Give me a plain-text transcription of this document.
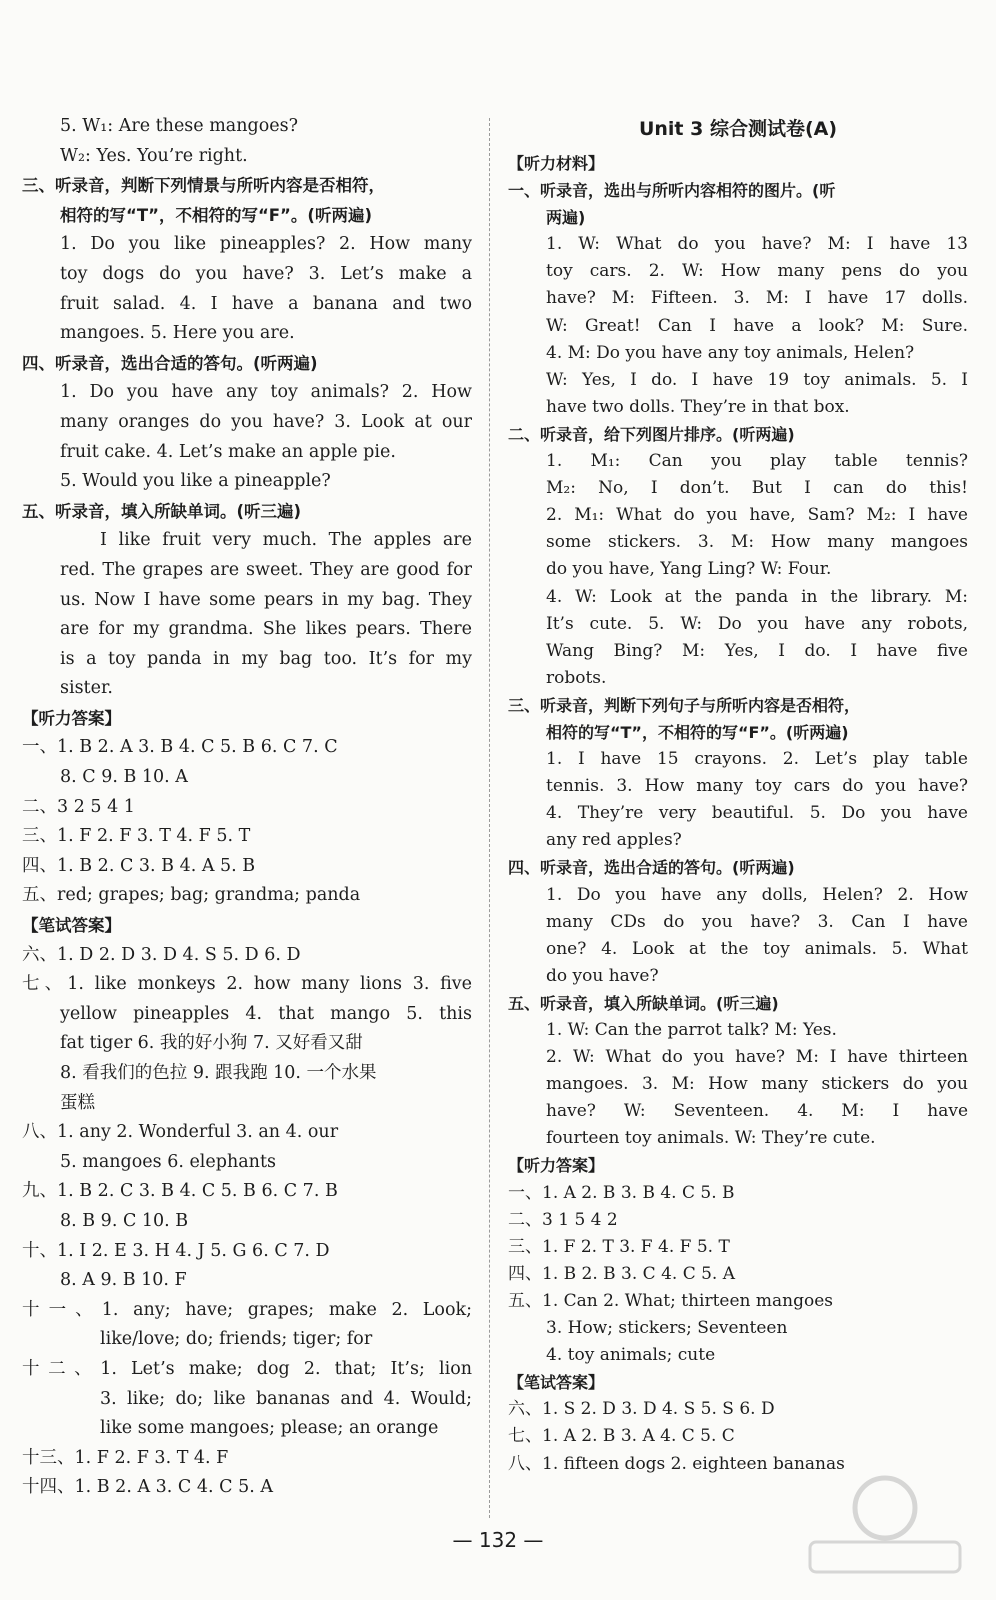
5. W₁: Are these mangoes?
W₂: Yes. You’re right.
三、听录音，判断下列情景与所听内容是否相符，
相符的写“T”，不相符的写“F”。(听两遍)
1. Do you like pineapples? 2. How many
toy dogs do you have? 3. Let’s make a
fruit salad. 4. I have a banana and two
mangoes. 5. Here you are.
四、听录音，选出合适的答句。(听两遍)
1. Do you have any toy animals? 2. How
many oranges do you have? 3. Look at our
fruit cake. 4. Let’s make an apple pie.
5. Would you like a pineapple?
五、听录音，填入所缺单词。(听三遍)
I like fruit very much. The apples are
red. The grapes are sweet. They are good for
us. Now I have some pears in my bag. They
are for my grandma. She likes pears. There
is a toy panda in my bag too. It’s for my
sister.
【听力答案】
一、1. B 2. A 3. B 4. C 5. B 6. C 7. C
8. C 9. B 10. A
二、3 2 5 4 1
三、1. F 2. F 3. T 4. F 5. T
四、1. B 2. C 3. B 4. A 5. B
五、red; grapes; bag; grandma; panda
【笔试答案】
六、1. D 2. D 3. D 4. S 5. D 6. D
七、1. like monkeys 2. how many lions 3. five
yellow pineapples 4. that mango 5. this
fat tiger 6. 我的好小狗 7. 又好看又甜
8. 看我们的色拉 9. 跟我跑 10. 一个水果
蛋糕
八、1. any 2. Wonderful 3. an 4. our
5. mangoes 6. elephants
九、1. B 2. C 3. B 4. C 5. B 6. C 7. B
8. B 9. C 10. B
十、1. I 2. E 3. H 4. J 5. G 6. C 7. D
8. A 9. B 10. F
十一、1. any; have; grapes; make 2. Look;
like/love; do; friends; tiger; for
十二、1. Let’s make; dog 2. that; It’s; lion
3. like; do; like bananas and 4. Would;
like some mangoes; please; an orange
十三、1. F 2. F 3. T 4. F
十四、1. B 2. A 3. C 4. C 5. A
Unit 3 综合测试卷(A)
【听力材料】
一、听录音，选出与所听内容相符的图片。(听
两遍)
1. W: What do you have? M: I have 13
toy cars. 2. W: How many pens do you
have? M: Fifteen. 3. M: I have 17 dolls.
W: Great! Can I have a look? M: Sure.
4. M: Do you have any toy animals, Helen?
W: Yes, I do. I have 19 toy animals. 5. I
have two dolls. They’re in that box.
二、听录音，给下列图片排序。(听两遍)
1. M₁: Can you play table tennis?
M₂: No, I don’t. But I can do this!
2. M₁: What do you have, Sam? M₂: I have
some stickers. 3. M: How many mangoes
do you have, Yang Ling? W: Four.
4. W: Look at the panda in the library. M:
It’s cute. 5. W: Do you have any robots,
Wang Bing? M: Yes, I do. I have five
robots.
三、听录音，判断下列句子与所听内容是否相符，
相符的写“T”，不相符的写“F”。(听两遍)
1. I have 15 crayons. 2. Let’s play table
tennis. 3. How many toy cars do you have?
4. They’re very beautiful. 5. Do you have
any red apples?
四、听录音，选出合适的答句。(听两遍)
1. Do you have any dolls, Helen? 2. How
many CDs do you have? 3. Can I have
one? 4. Look at the toy animals. 5. What
do you have?
五、听录音，填入所缺单词。(听三遍)
1. W: Can the parrot talk? M: Yes.
2. W: What do you have? M: I have thirteen
mangoes. 3. M: How many stickers do you
have? W: Seventeen. 4. M: I have
fourteen toy animals. W: They’re cute.
【听力答案】
一、1. A 2. B 3. B 4. C 5. B
二、3 1 5 4 2
三、1. F 2. T 3. F 4. F 5. T
四、1. B 2. B 3. C 4. C 5. A
五、1. Can 2. What; thirteen mangoes
3. How; stickers; Seventeen
4. toy animals; cute
【笔试答案】
六、1. S 2. D 3. D 4. S 5. S 6. D
七、1. A 2. B 3. A 4. C 5. C
八、1. fifteen dogs 2. eighteen bananas
— 132 —
